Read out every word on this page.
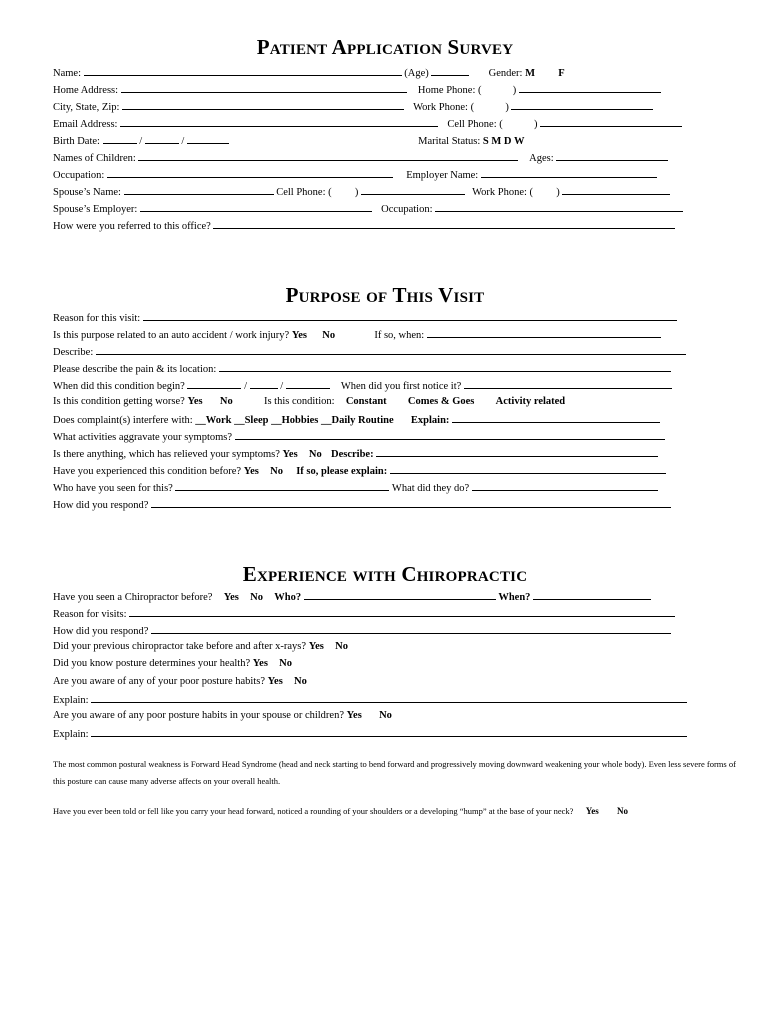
Patient Application Survey
Name:	(Age)	Gender: M F
Home Address:	Home Phone: (	)
City, State, Zip:	Work Phone: (	)
Email Address:	Cell Phone: (	)
Birth Date:	/	/	Marital Status: S M D W
Names of Children:	Ages:
Occupation:	Employer Name:
Spouse’s Name:	Cell Phone: ( )	Work Phone: ( )
Spouse’s Employer:	Occupation:
How were you referred to this office?
Purpose of This Visit
Reason for this visit:
Is this purpose related to an auto accident / work injury? Yes No	If so, when:
Describe:
Please describe the pain & its location:
When did this condition begin?	/	/	When did you first notice it?
Is this condition getting worse? Yes No	Is this condition: Constant Comes & Goes Activity related
Does complaint(s) interfere with: __Work __Sleep __Hobbies __Daily Routine Explain:
What activities aggravate your symptoms?
Is there anything, which has relieved your symptoms? Yes No Describe:
Have you experienced this condition before? Yes No If so, please explain:
Who have you seen for this?	What did they do?
How did you respond?
Experience with Chiropractic
Have you seen a Chiropractor before? Yes No Who?	When?
Reason for visits:
How did you respond?
Did your previous chiropractor take before and after x-rays? Yes No
Did you know posture determines your health? Yes No
Are you aware of any of your poor posture habits? Yes No
Explain:
Are you aware of any poor posture habits in your spouse or children? Yes No
Explain:
The most common postural weakness is Forward Head Syndrome (head and neck starting to bend forward and progressively moving downward weakening your whole body). Even less severe forms of this posture can cause many adverse affects on your overall health.
Have you ever been told or fell like you carry your head forward, noticed a rounding of your shoulders or a developing “hump” at the base of your neck? Yes No
